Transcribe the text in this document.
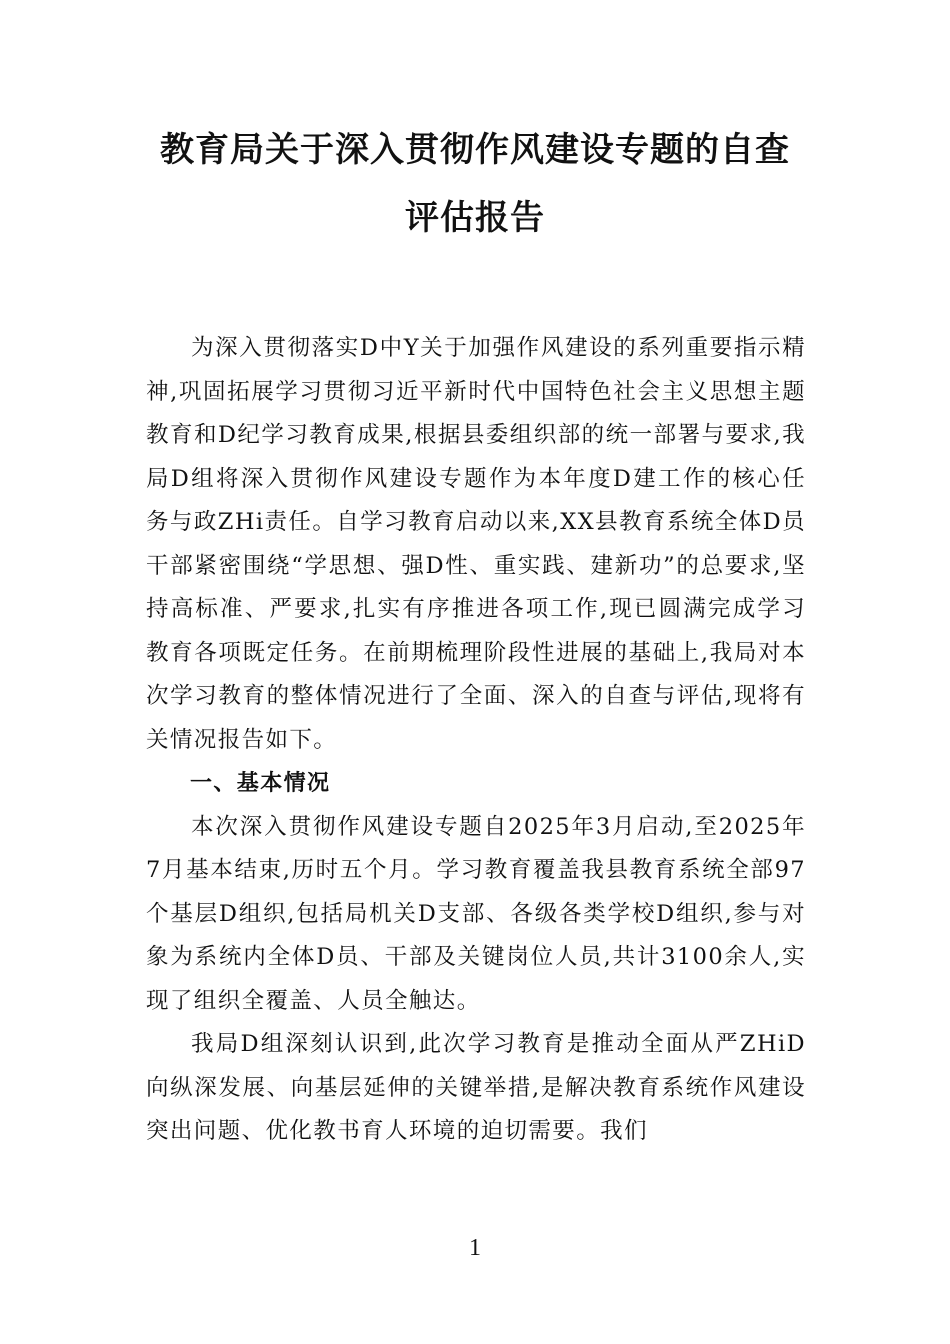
教育局关于深入贯彻作风建设专题的自查
评估报告

为深入贯彻落实D中Y关于加强作风建设的系列重要指示精神,巩固拓展学习贯彻习近平新时代中国特色社会主义思想主题教育和D纪学习教育成果,根据县委组织部的统一部署与要求,我局D组将深入贯彻作风建设专题作为本年度D建工作的核心任务与政ZHi责任。自学习教育启动以来,XX县教育系统全体D员干部紧密围绕“学思想、强D性、重实践、建新功”的总要求,坚持高标准、严要求,扎实有序推进各项工作,现已圆满完成学习教育各项既定任务。在前期梳理阶段性进展的基础上,我局对本次学习教育的整体情况进行了全面、深入的自查与评估,现将有关情况报告如下。

一、基本情况

本次深入贯彻作风建设专题自2025年3月启动,至2025年7月基本结束,历时五个月。学习教育覆盖我县教育系统全部97个基层D组织,包括局机关D支部、各级各类学校D组织,参与对象为系统内全体D员、干部及关键岗位人员,共计3100余人,实现了组织全覆盖、人员全触达。

我局D组深刻认识到,此次学习教育是推动全面从严ZHiD向纵深发展、向基层延伸的关键举措,是解决教育系统作风建设突出问题、优化教书育人环境的迫切需要。我们

1
